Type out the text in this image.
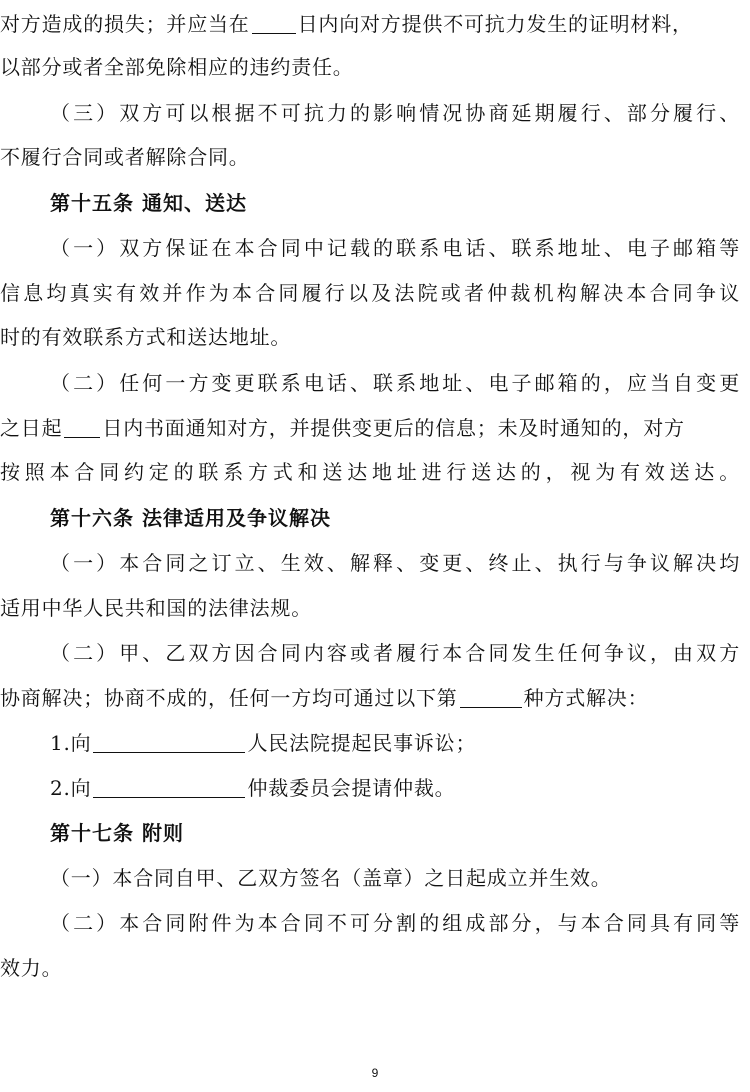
对方造成的损失；并应当在 日内向对方提供不可抗力发生的证明材料，
以部分或者全部免除相应的违约责任。
（三）双方可以根据不可抗力的影响情况协商延期履行、部分履行、
不履行合同或者解除合同。
第十五条 通知、送达
（一）双方保证在本合同中记载的联系电话、联系地址、电子邮箱等
信息均真实有效并作为本合同履行以及法院或者仲裁机构解决本合同争议
时的有效联系方式和送达地址。
（二）任何一方变更联系电话、联系地址、电子邮箱的，应当自变更
之日起 日内书面通知对方，并提供变更后的信息；未及时通知的，对方
按照本合同约定的联系方式和送达地址进行送达的，视为有效送达。
第十六条 法律适用及争议解决
（一）本合同之订立、生效、解释、变更、终止、执行与争议解决均
适用中华人民共和国的法律法规。
（二）甲、乙双方因合同内容或者履行本合同发生任何争议，由双方
协商解决；协商不成的，任何一方均可通过以下第	种方式解决：
1.向	人民法院提起民事诉讼；
2.向	仲裁委员会提请仲裁。
第十七条 附则
（一）本合同自甲、乙双方签名（盖章）之日起成立并生效。
（二）本合同附件为本合同不可分割的组成部分，与本合同具有同等
效力。
9
